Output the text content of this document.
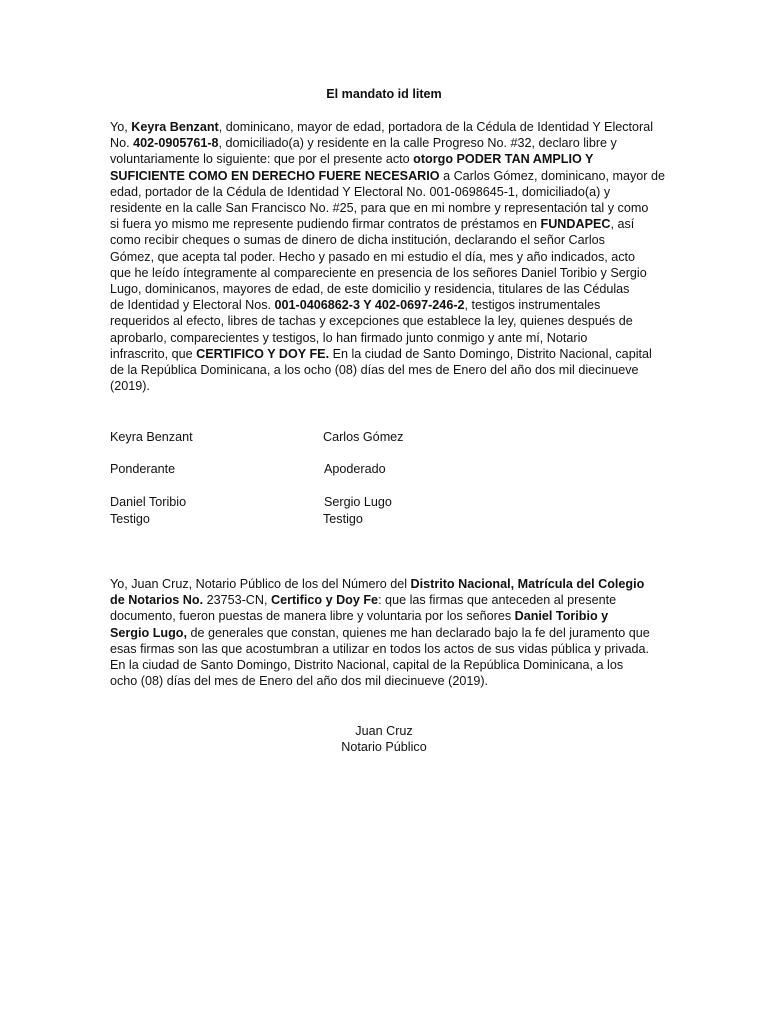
El mandato id litem
Yo, Keyra Benzant, dominicano, mayor de edad, portadora de la Cédula de Identidad Y Electoral
No. 402-0905761-8, domiciliado(a) y residente en la calle Progreso No. #32, declaro libre y
voluntariamente lo siguiente: que por el presente acto otorgo PODER TAN AMPLIO Y
SUFICIENTE COMO EN DERECHO FUERE NECESARIO a Carlos Gómez, dominicano, mayor de
edad, portador de la Cédula de Identidad Y Electoral No. 001-0698645-1, domiciliado(a) y
residente en la calle San Francisco No. #25, para que en mi nombre y representación tal y como
si fuera yo mismo me represente pudiendo firmar contratos de préstamos en FUNDAPEC, así
como recibir cheques o sumas de dinero de dicha institución, declarando el señor Carlos
Gómez, que acepta tal poder. Hecho y pasado en mi estudio el día, mes y año indicados, acto
que he leído íntegramente al compareciente en presencia de los señores Daniel Toribio y Sergio
Lugo, dominicanos, mayores de edad, de este domicilio y residencia, titulares de las Cédulas
de Identidad y Electoral Nos. 001-0406862-3 Y 402-0697-246-2, testigos instrumentales
requeridos al efecto, libres de tachas y excepciones que establece la ley, quienes después de
aprobarlo, comparecientes y testigos, lo han firmado junto conmigo y ante mí, Notario
infrascrito, que CERTIFICO Y DOY FE. En la ciudad de Santo Domingo, Distrito Nacional, capital
de la República Dominicana, a los ocho (08) días del mes de Enero del año dos mil diecinueve
(2019).
Keyra Benzant	Carlos Gómez
Ponderante	Apoderado
Daniel Toribio	Sergio Lugo
Testigo	Testigo
Yo, Juan Cruz, Notario Público de los del Número del Distrito Nacional, Matrícula del Colegio
de Notarios No. 23753-CN, Certifico y Doy Fe: que las firmas que anteceden al presente
documento, fueron puestas de manera libre y voluntaria por los señores Daniel Toribio y
Sergio Lugo, de generales que constan, quienes me han declarado bajo la fe del juramento que
esas firmas son las que acostumbran a utilizar en todos los actos de sus vidas pública y privada.
En la ciudad de Santo Domingo, Distrito Nacional, capital de la República Dominicana, a los
ocho (08) días del mes de Enero del año dos mil diecinueve (2019).
Juan Cruz
Notario Público
